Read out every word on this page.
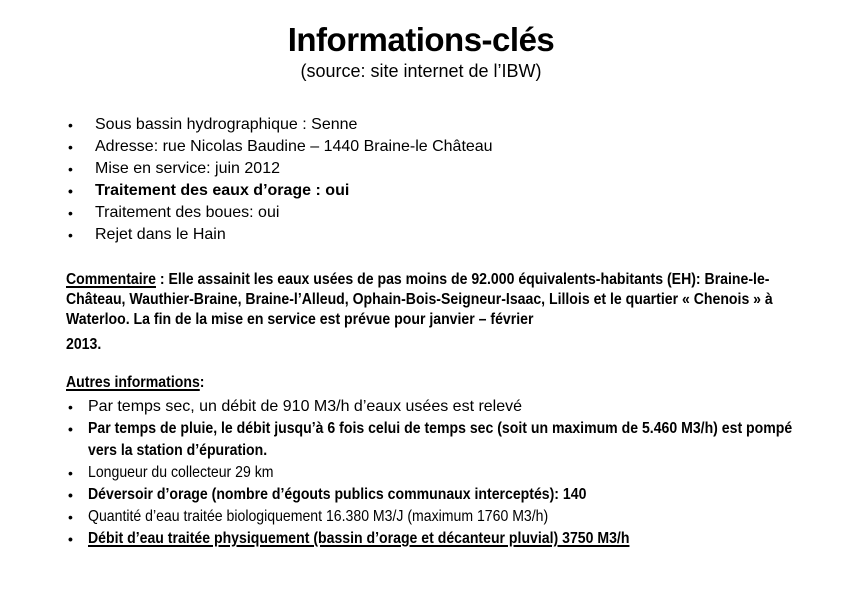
Informations-clés
(source: site internet de l’IBW)
• Sous bassin hydrographique : Senne
• Adresse: rue Nicolas Baudine – 1440 Braine-le Château
• Mise en service: juin 2012
• Traitement des eaux d’orage : oui
• Traitement des boues: oui
• Rejet dans le Hain
Commentaire : Elle assainit les eaux usées de pas moins de 92.000 équivalents-habitants (EH): Braine-le-Château, Wauthier-Braine, Braine-l’Alleud, Ophain-Bois-Seigneur-Isaac, Lillois et le quartier « Chenois » à Waterloo. La fin de la mise en service est prévue pour janvier – février
2013.
Autres informations:
• Par temps sec, un débit de 910 M3/h d’eaux usées est relevé
• Par temps de pluie, le débit jusqu’à 6 fois celui de temps sec (soit un maximum de 5.460 M3/h) est pompé vers la station d’épuration.
• Longueur du collecteur 29 km
• Déversoir d’orage (nombre d’égouts publics communaux interceptés): 140
• Quantité d’eau traitée biologiquement 16.380 M3/J (maximum 1760 M3/h)
• Débit d’eau traitée physiquement (bassin d’orage et décanteur pluvial) 3750 M3/h
